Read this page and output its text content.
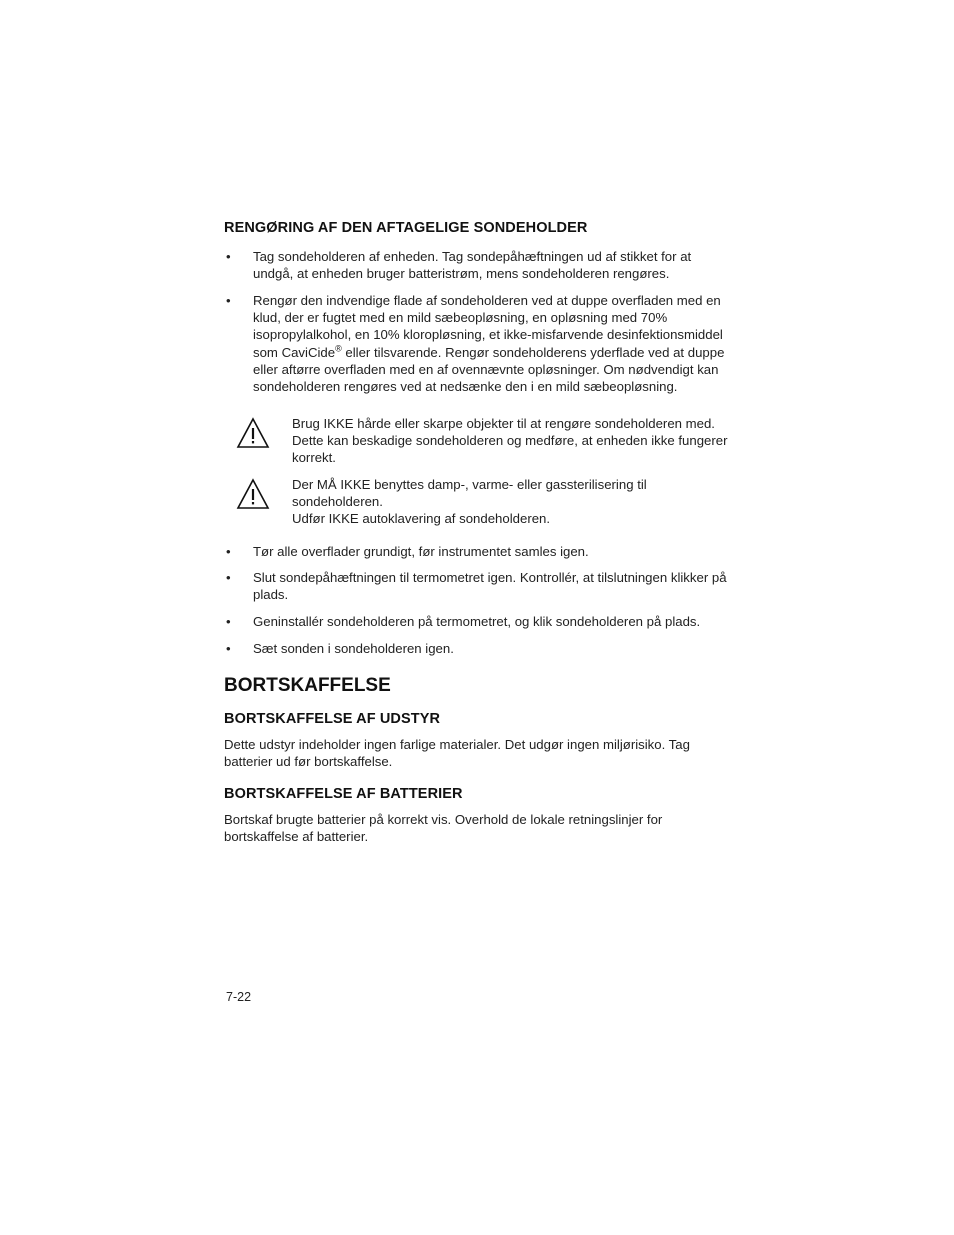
RENGØRING AF DEN AFTAGELIGE SONDEHOLDER
• Tag sondeholderen af enheden. Tag sondepåhæftningen ud af stikket for at undgå, at enheden bruger batteristrøm, mens sondeholderen rengøres.
• Rengør den indvendige flade af sondeholderen ved at duppe overfladen med en klud, der er fugtet med en mild sæbeopløsning, en opløsning med 70% isopropylalkohol, en 10% kloropløsning, et ikke-misfarvende desinfektionsmiddel som CaviCide® eller tilsvarende. Rengør sondeholderens yderflade ved at duppe eller aftørre overfladen med en af ovennævnte opløsninger. Om nødvendigt kan sondeholderen rengøres ved at nedsænke den i en mild sæbeopløsning.
Brug IKKE hårde eller skarpe objekter til at rengøre sondeholderen med. Dette kan beskadige sondeholderen og medføre, at enheden ikke fungerer korrekt.
Der MÅ IKKE benyttes damp-, varme- eller gassterilisering til sondeholderen.
Udfør IKKE autoklavering af sondeholderen.
• Tør alle overflader grundigt, før instrumentet samles igen.
• Slut sondepåhæftningen til termometret igen. Kontrollér, at tilslutningen klikker på plads.
• Geninstallér sondeholderen på termometret, og klik sondeholderen på plads.
• Sæt sonden i sondeholderen igen.
BORTSKAFFELSE
BORTSKAFFELSE AF UDSTYR
Dette udstyr indeholder ingen farlige materialer. Det udgør ingen miljørisiko. Tag batterier ud før bortskaffelse.
BORTSKAFFELSE AF BATTERIER
Bortskaf brugte batterier på korrekt vis. Overhold de lokale retningslinjer for bortskaffelse af batterier.
7-22
